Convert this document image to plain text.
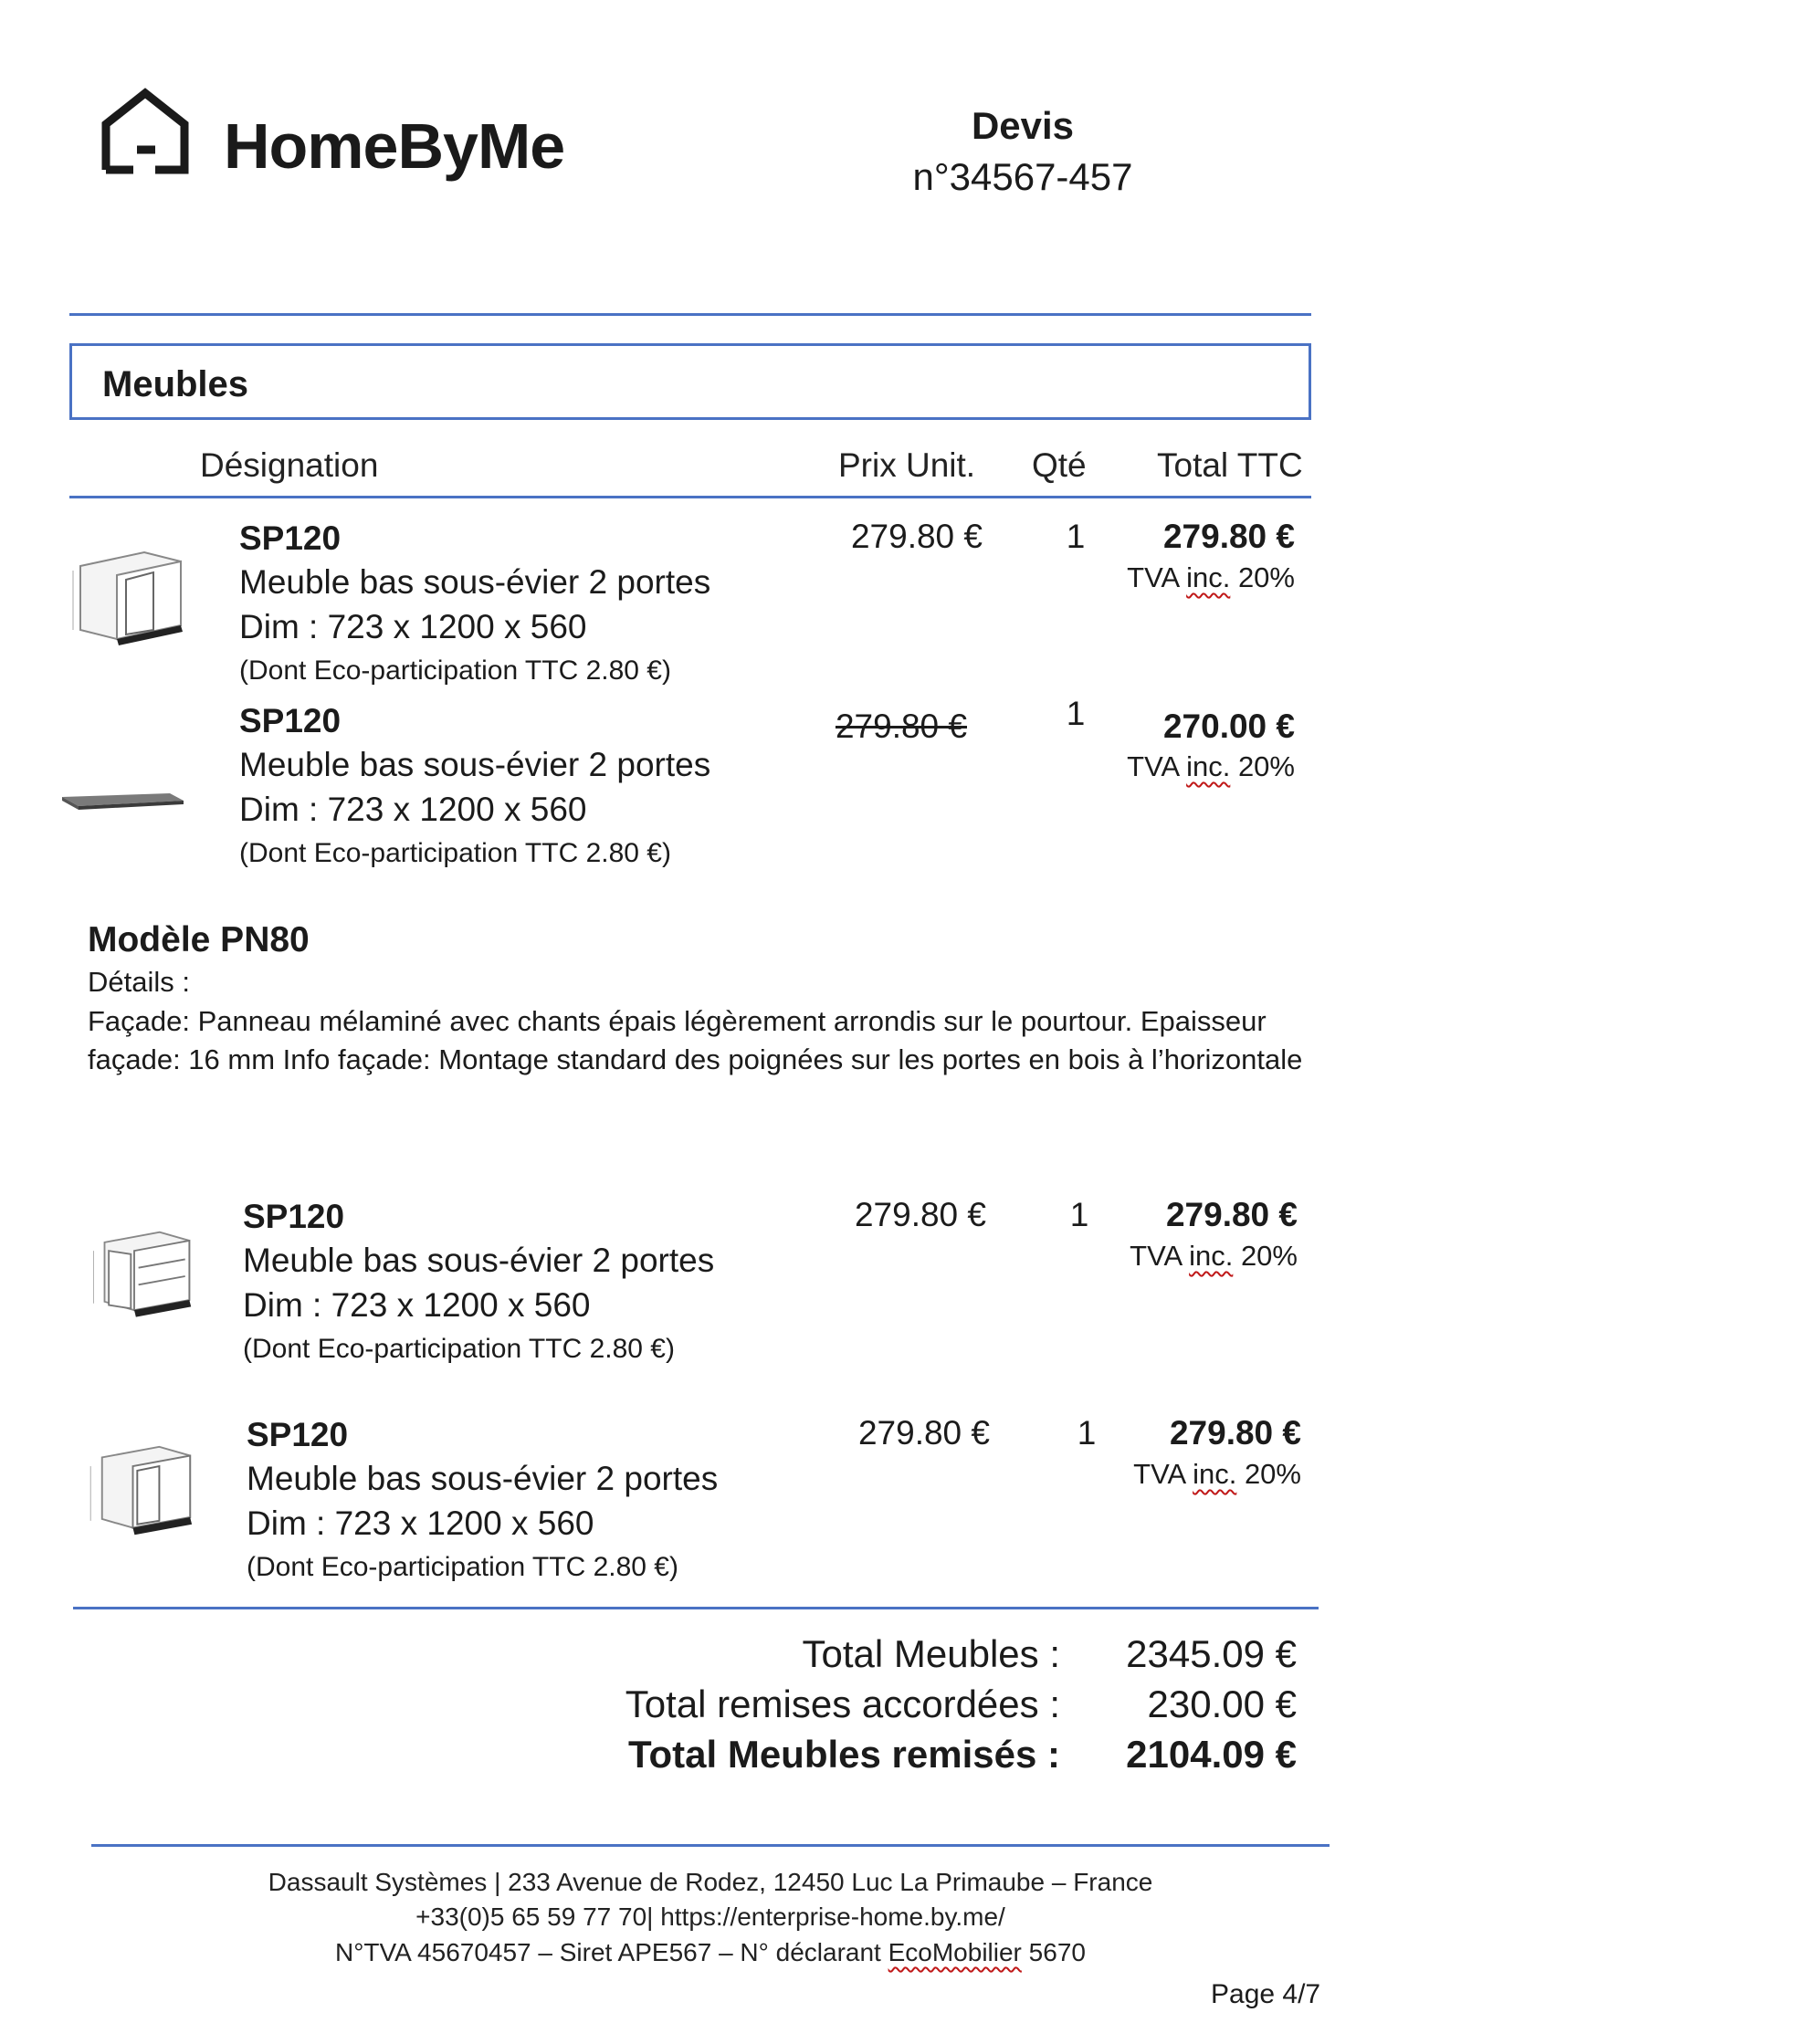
HomeByMe	Devis
n°34567-457
Meubles
Désignation	Prix Unit. Qté Total TTC
SP120
Meuble bas sous-évier 2 portes
Dim : 723 x 1200 x 560
(Dont Eco-participation TTC 2.80 €)
279.80 € 1	279.80 €
TVA inc. 20%
SP120
Meuble bas sous-évier 2 portes
Dim : 723 x 1200 x 560
(Dont Eco-participation TTC 2.80 €)
279.80 €	1	270.00 €
TVA inc. 20%
Modèle PN80
Détails :
Façade: Panneau mélaminé avec chants épais légèrement arrondis sur le pourtour. Epaisseur façade: 16 mm Info façade: Montage standard des poignées sur les portes en bois à l’horizontale
SP120
Meuble bas sous-évier 2 portes
Dim : 723 x 1200 x 560
(Dont Eco-participation TTC 2.80 €)
279.80 € 1	279.80 €
TVA inc. 20%
SP120
Meuble bas sous-évier 2 portes
Dim : 723 x 1200 x 560
(Dont Eco-participation TTC 2.80 €)
279.80 €	1	279.80 €
TVA inc. 20%
Total Meubles : 2345.09 €
Total remises accordées : 230.00 €
Total Meubles remisés : 2104.09 €
Dassault Systèmes | 233 Avenue de Rodez, 12450 Luc La Primaube – France
+33(0)5 65 59 77 70| https://enterprise-home.by.me/
N°TVA 45670457 – Siret APE567 – N° déclarant EcoMobilier 5670
Page 4/7
